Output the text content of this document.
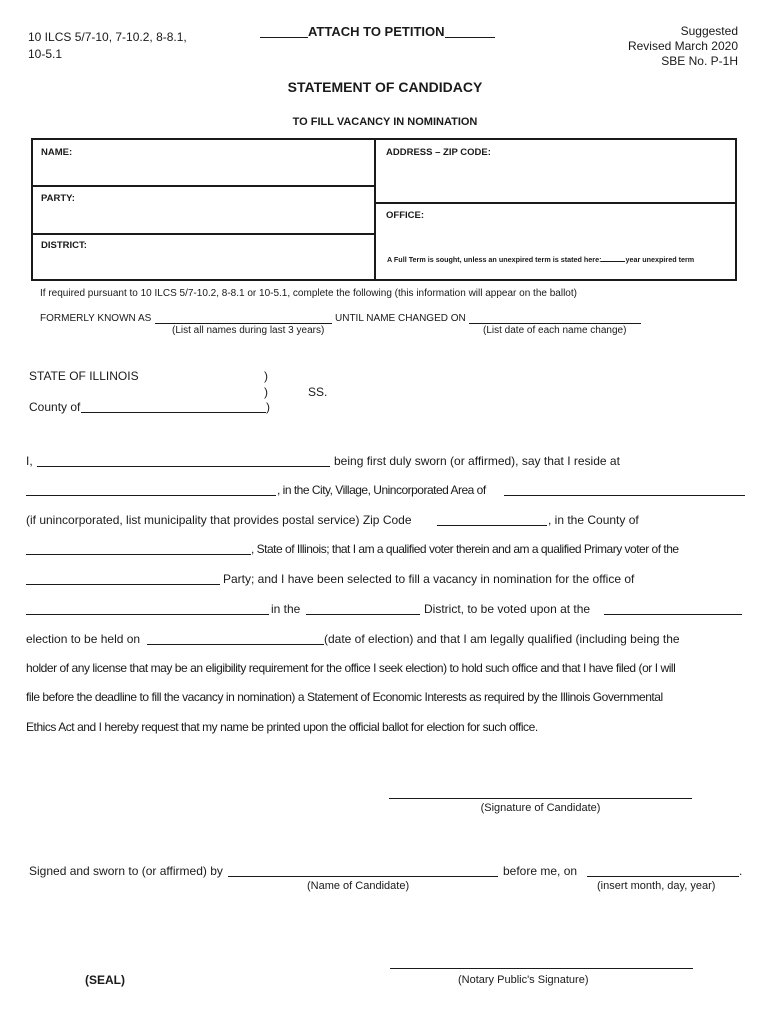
10 ILCS 5/7-10, 7-10.2, 8-8.1,
10-5.1
ATTACH TO PETITION	Suggested
Revised March 2020
SBE No. P-1H
STATEMENT OF CANDIDACY
TO FILL VACANCY IN NOMINATION
NAME:	ADDRESS – ZIP CODE:
PARTY:
OFFICE:
DISTRICT:
A Full Term is sought, unless an unexpired term is stated here:	year unexpired term
If required pursuant to 10 ILCS 5/7-10.2, 8-8.1 or 10-5.1, complete the following (this information will appear on the ballot)
FORMERLY KNOWN AS	UNTIL NAME CHANGED ON
(List all names during last 3 years)	(List date of each name change)
STATE OF ILLINOIS	)
)	SS.
County of	)
I,	being first duly sworn (or affirmed), say that I reside at
, in the City, Village, Unincorporated Area of
(if unincorporated, list municipality that provides postal service) Zip Code	, in the County of
, State of Illinois; that I am a qualified voter therein and am a qualified Primary voter of the
Party; and I have been selected to fill a vacancy in nomination for the office of
in the	District, to be voted upon at the
election to be held on	(date of election) and that I am legally qualified (including being the
holder of any license that may be an eligibility requirement for the office I seek election) to hold such office and that I have filed (or I will
file before the deadline to fill the vacancy in nomination) a Statement of Economic Interests as required by the Illinois Governmental
Ethics Act and I hereby request that my name be printed upon the official ballot for election for such office.
(Signature of Candidate)
Signed and sworn to (or affirmed) by	before me, on	.
(Name of Candidate)	(insert month, day, year)
(SEAL)	(Notary Public's Signature)
